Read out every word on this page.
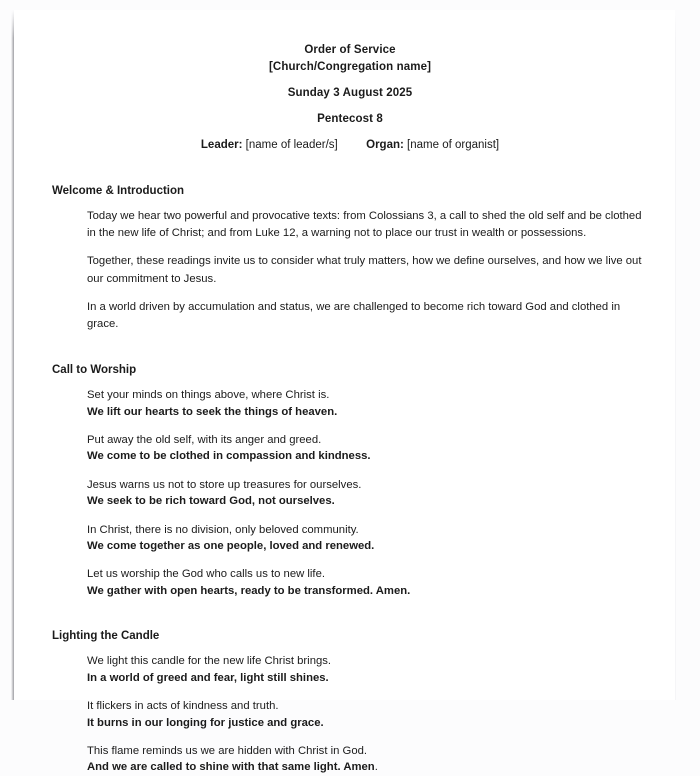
Order of Service
[Church/Congregation name]
Sunday 3 August 2025
Pentecost 8
Leader: [name of leader/s] Organ: [name of organist]
Welcome & Introduction
Today we hear two powerful and provocative texts: from Colossians 3, a call to shed the old self and be clothed in the new life of Christ; and from Luke 12, a warning not to place our trust in wealth or possessions.
Together, these readings invite us to consider what truly matters, how we define ourselves, and how we live out our commitment to Jesus.
In a world driven by accumulation and status, we are challenged to become rich toward God and clothed in grace.
Call to Worship
Set your minds on things above, where Christ is.
We lift our hearts to seek the things of heaven.
Put away the old self, with its anger and greed.
We come to be clothed in compassion and kindness.
Jesus warns us not to store up treasures for ourselves.
We seek to be rich toward God, not ourselves.
In Christ, there is no division, only beloved community.
We come together as one people, loved and renewed.
Let us worship the God who calls us to new life.
We gather with open hearts, ready to be transformed. Amen.
Lighting the Candle
We light this candle for the new life Christ brings.
In a world of greed and fear, light still shines.
It flickers in acts of kindness and truth.
It burns in our longing for justice and grace.
This flame reminds us we are hidden with Christ in God.
And we are called to shine with that same light. Amen.
